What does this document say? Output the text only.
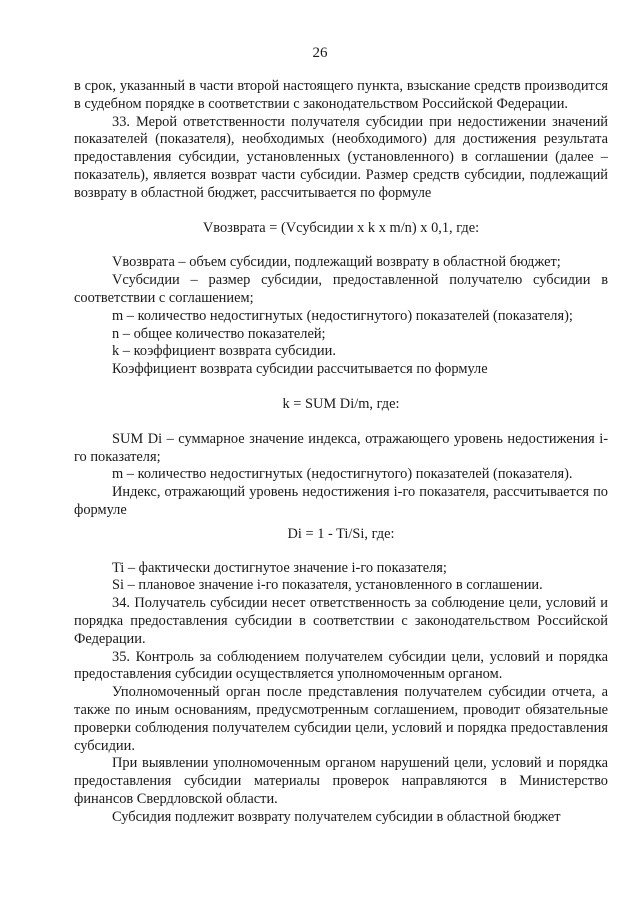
26

в срок, указанный в части второй настоящего пункта, взыскание средств производится в судебном порядке в соответствии с законодательством Российской Федерации.

33. Мерой ответственности получателя субсидии при недостижении значений показателей (показателя), необходимых (необходимого) для достижения результата предоставления субсидии, установленных (установленного) в соглашении (далее – показатель), является возврат части субсидии. Размер средств субсидии, подлежащий возврату в областной бюджет, рассчитывается по формуле

Vвозврата = (Vсубсидии x k x m/n) x 0,1, где:

Vвозврата – объем субсидии, подлежащий возврату в областной бюджет;

Vсубсидии – размер субсидии, предоставленной получателю субсидии в соответствии с соглашением;

m – количество недостигнутых (недостигнутого) показателей (показателя);

n – общее количество показателей;

k – коэффициент возврата субсидии.

Коэффициент возврата субсидии рассчитывается по формуле

k = SUM Di/m, где:

SUM Di – суммарное значение индекса, отражающего уровень недостижения i-го показателя;

m – количество недостигнутых (недостигнутого) показателей (показателя).

Индекс, отражающий уровень недостижения i-го показателя, рассчитывается по формуле

Di = 1 - Ti/Si, где:

Ti – фактически достигнутое значение i-го показателя;

Si – плановое значение i-го показателя, установленного в соглашении.

34. Получатель субсидии несет ответственность за соблюдение цели, условий и порядка предоставления субсидии в соответствии с законодательством Российской Федерации.

35. Контроль за соблюдением получателем субсидии цели, условий и порядка предоставления субсидии осуществляется уполномоченным органом.

Уполномоченный орган после представления получателем субсидии отчета, а также по иным основаниям, предусмотренным соглашением, проводит обязательные проверки соблюдения получателем субсидии цели, условий и порядка предоставления субсидии.

При выявлении уполномоченным органом нарушений цели, условий и порядка предоставления субсидии материалы проверок направляются в Министерство финансов Свердловской области.

Субсидия подлежит возврату получателем субсидии в областной бюджет
